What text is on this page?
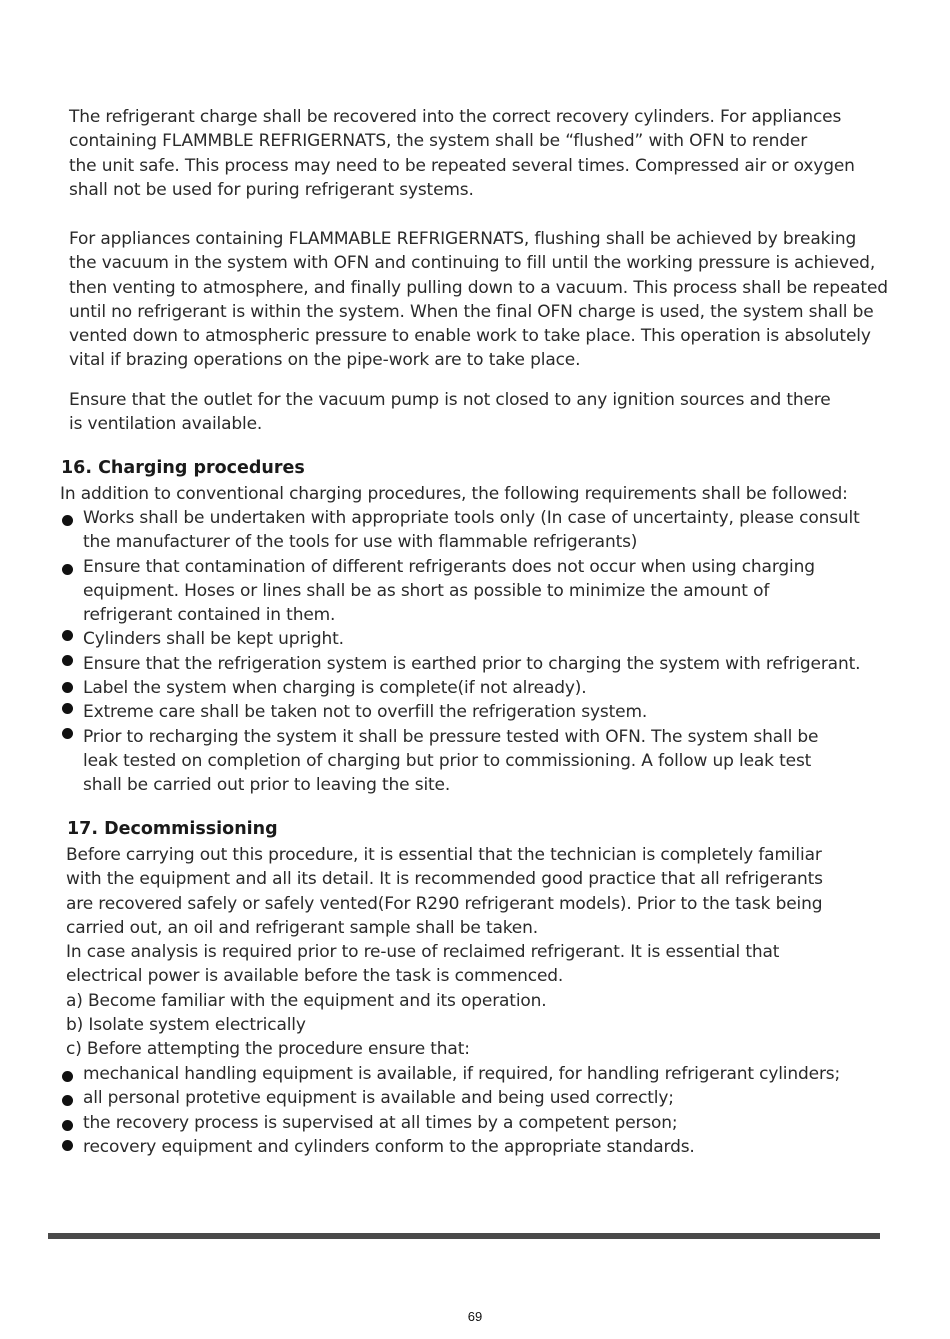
The refrigerant charge shall be recovered into the correct recovery cylinders. For appliances
containing FLAMMBLE REFRIGERNATS, the system shall be “flushed” with OFN to render
the unit safe. This process may need to be repeated several times. Compressed air or oxygen
shall not be used for puring refrigerant systems.
For appliances containing FLAMMABLE REFRIGERNATS, flushing shall be achieved by breaking
the vacuum in the system with OFN and continuing to fill until the working pressure is achieved,
then venting to atmosphere, and finally pulling down to a vacuum. This process shall be repeated
until no refrigerant is within the system. When the final OFN charge is used, the system shall be
vented down to atmospheric pressure to enable work to take place. This operation is absolutely
vital if brazing operations on the pipe-work are to take place.
Ensure that the outlet for the vacuum pump is not closed to any ignition sources and there
is ventilation available.
16. Charging procedures
In addition to conventional charging procedures, the following requirements shall be followed:
Works shall be undertaken with appropriate tools only (In case of uncertainty, please consult
the manufacturer of the tools for use with flammable refrigerants)
Ensure that contamination of different refrigerants does not occur when using charging
equipment. Hoses or lines shall be as short as possible to minimize the amount of
refrigerant contained in them.
Cylinders shall be kept upright.
Ensure that the refrigeration system is earthed prior to charging the system with refrigerant.
Label the system when charging is complete(if not already).
Extreme care shall be taken not to overfill the refrigeration system.
Prior to recharging the system it shall be pressure tested with OFN. The system shall be
leak tested on completion of charging but prior to commissioning. A follow up leak test
shall be carried out prior to leaving the site.
17. Decommissioning
Before carrying out this procedure, it is essential that the technician is completely familiar
with the equipment and all its detail. It is recommended good practice that all refrigerants
are recovered safely or safely vented(For R290 refrigerant models). Prior to the task being
carried out, an oil and refrigerant sample shall be taken.
In case analysis is required prior to re-use of reclaimed refrigerant. It is essential that
electrical power is available before the task is commenced.
a) Become familiar with the equipment and its operation.
b) Isolate system electrically
c) Before attempting the procedure ensure that:
mechanical handling equipment is available, if required, for handling refrigerant cylinders;
all personal protetive equipment is available and being used correctly;
the recovery process is supervised at all times by a competent person;
recovery equipment and cylinders conform to the appropriate standards.
69
